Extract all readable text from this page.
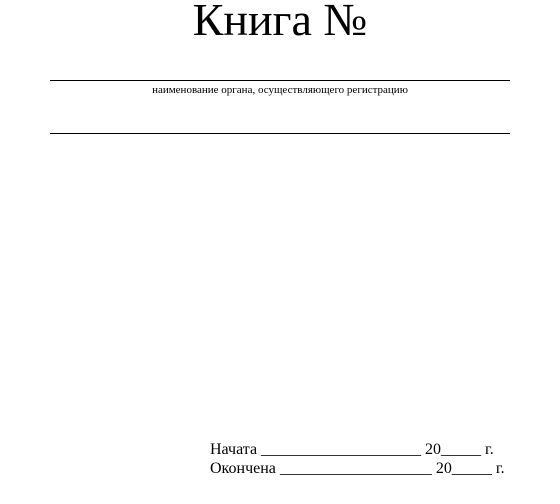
Книга №
наименование органа, осуществляющего регистрацию
Начата ____________________ 20_____ г.
Окончена ___________________ 20_____ г.
